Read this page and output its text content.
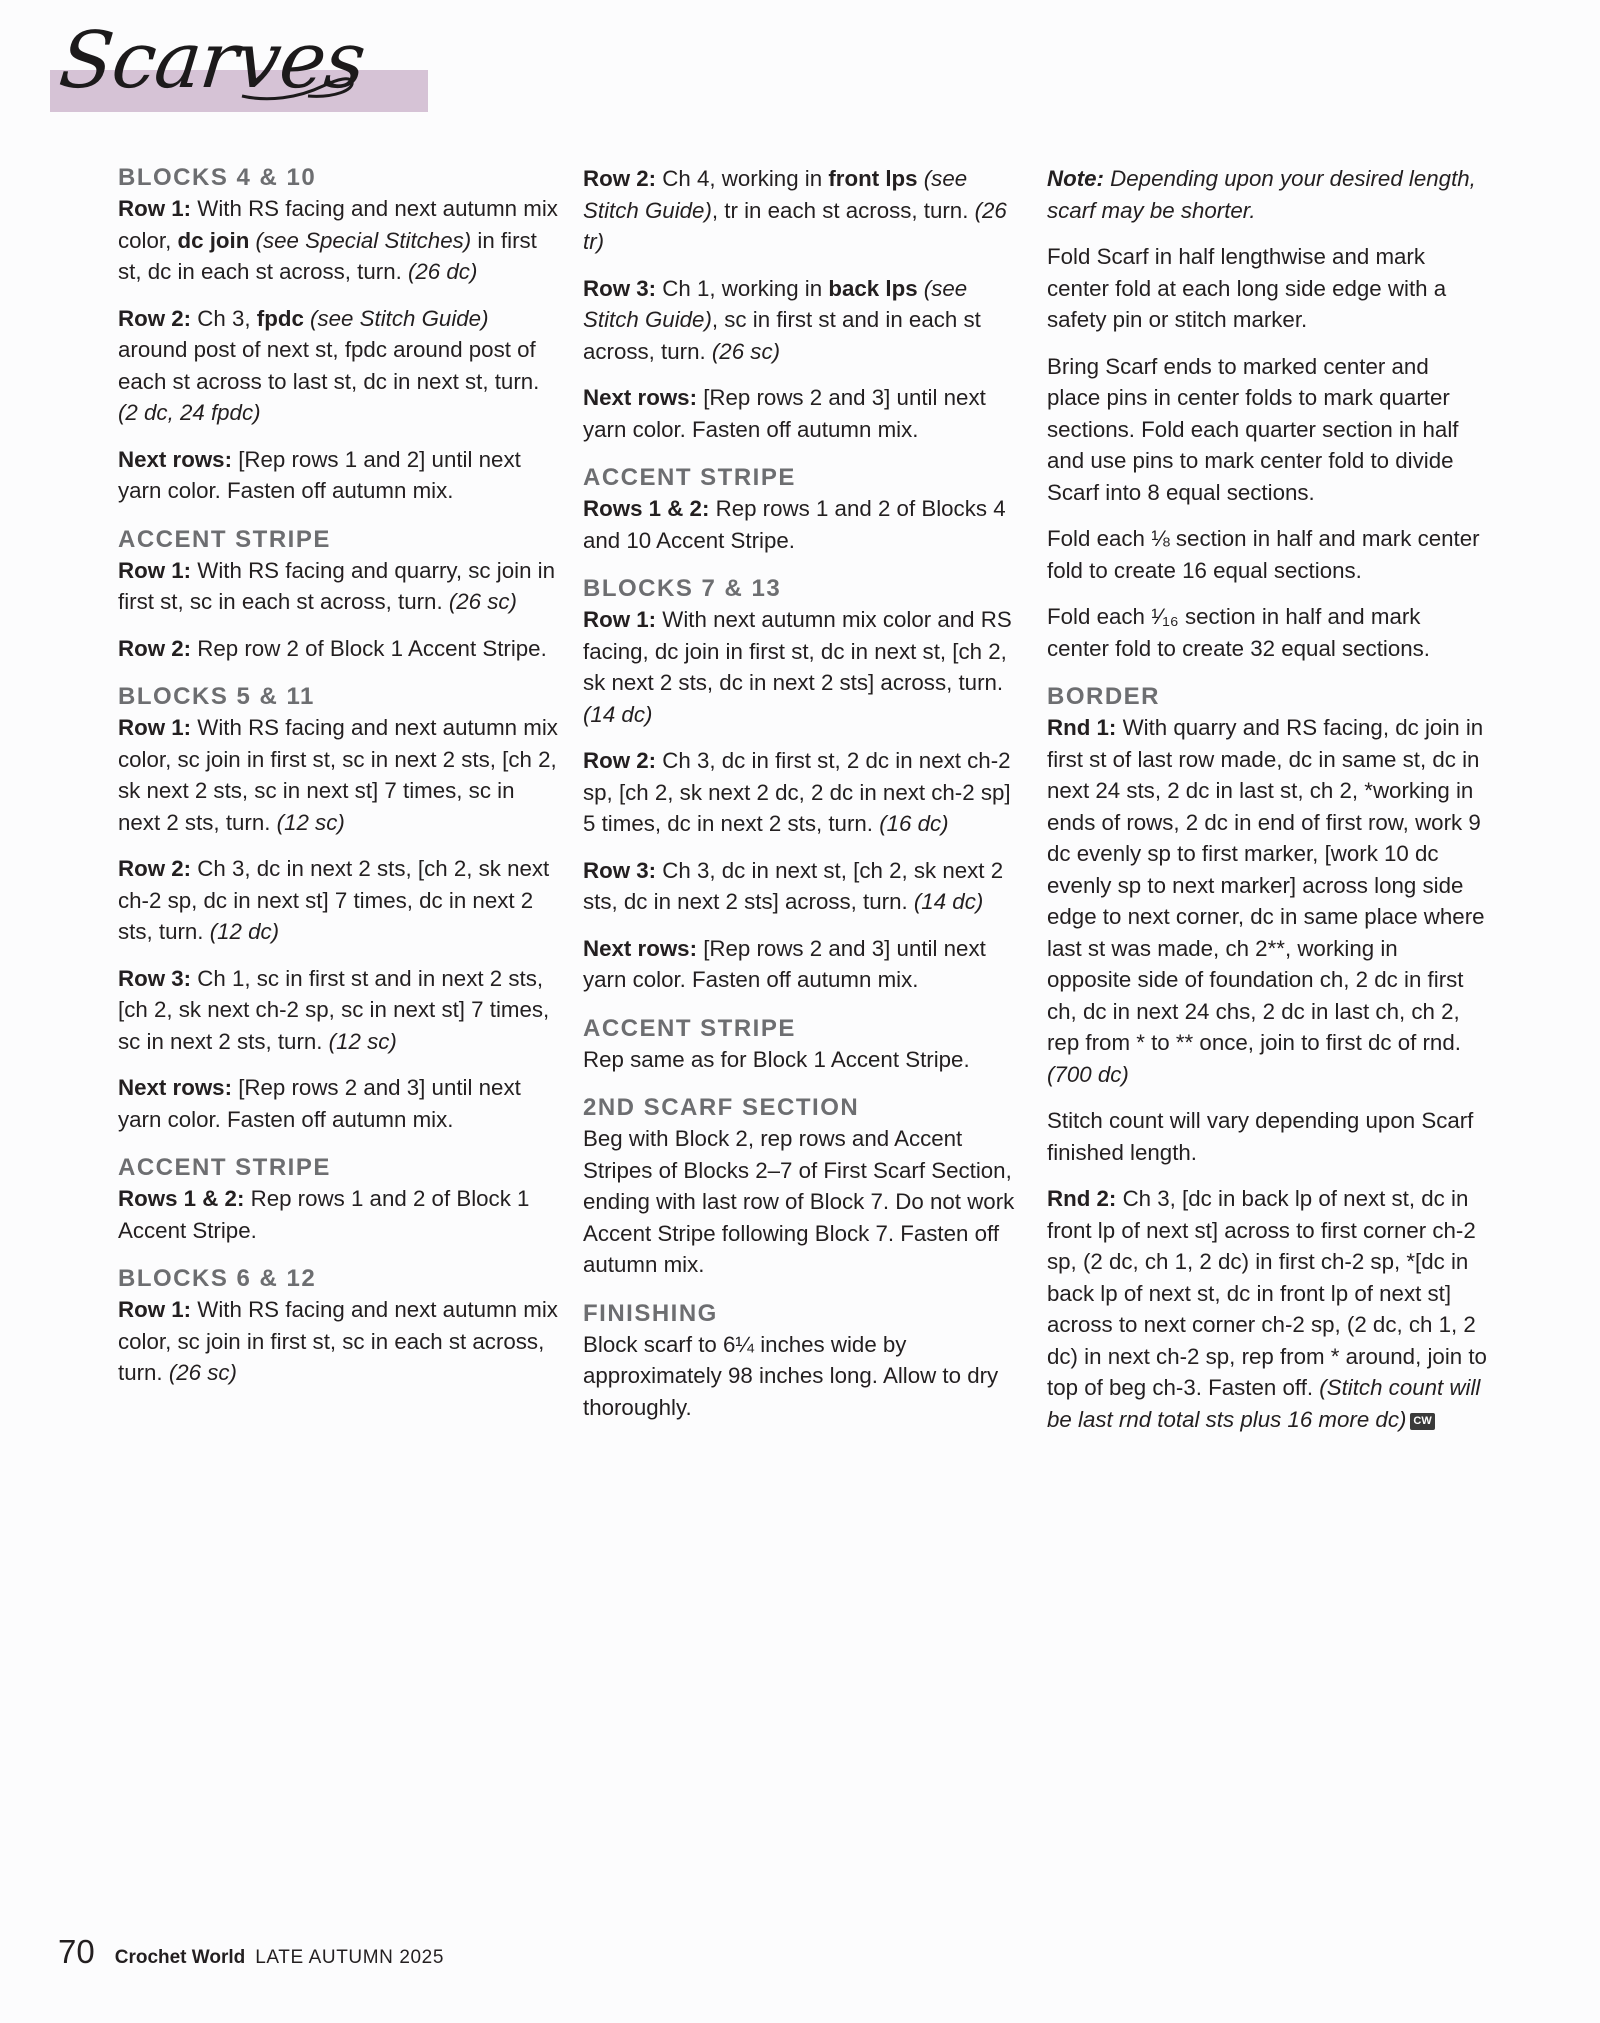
Scarves
BLOCKS 4 & 10

Row 1: With RS facing and next autumn mix color, dc join (see Special Stitches) in first st, dc in each st across, turn. (26 dc)

Row 2: Ch 3, fpdc (see Stitch Guide) around post of next st, fpdc around post of each st across to last st, dc in next st, turn. (2 dc, 24 fpdc)

Next rows: [Rep rows 1 and 2] until next yarn color. Fasten off autumn mix.

ACCENT STRIPE

Row 1: With RS facing and quarry, sc join in first st, sc in each st across, turn. (26 sc)

Row 2: Rep row 2 of Block 1 Accent Stripe.

BLOCKS 5 & 11

Row 1: With RS facing and next autumn mix color, sc join in first st, sc in next 2 sts, [ch 2, sk next 2 sts, sc in next st] 7 times, sc in next 2 sts, turn. (12 sc)

Row 2: Ch 3, dc in next 2 sts, [ch 2, sk next ch-2 sp, dc in next st] 7 times, dc in next 2 sts, turn. (12 dc)

Row 3: Ch 1, sc in first st and in next 2 sts, [ch 2, sk next ch-2 sp, sc in next st] 7 times, sc in next 2 sts, turn. (12 sc)

Next rows: [Rep rows 2 and 3] until next yarn color. Fasten off autumn mix.

ACCENT STRIPE

Rows 1 & 2: Rep rows 1 and 2 of Block 1 Accent Stripe.

BLOCKS 6 & 12

Row 1: With RS facing and next autumn mix color, sc join in first st, sc in each st across, turn. (26 sc)

Row 2: Ch 4, working in front lps (see Stitch Guide), tr in each st across, turn. (26 tr)

Row 3: Ch 1, working in back lps (see Stitch Guide), sc in first st and in each st across, turn. (26 sc)

Next rows: [Rep rows 2 and 3] until next yarn color. Fasten off autumn mix.

ACCENT STRIPE

Rows 1 & 2: Rep rows 1 and 2 of Blocks 4 and 10 Accent Stripe.

BLOCKS 7 & 13

Row 1: With next autumn mix color and RS facing, dc join in first st, dc in next st, [ch 2, sk next 2 sts, dc in next 2 sts] across, turn. (14 dc)

Row 2: Ch 3, dc in first st, 2 dc in next ch-2 sp, [ch 2, sk next 2 dc, 2 dc in next ch-2 sp] 5 times, dc in next 2 sts, turn. (16 dc)

Row 3: Ch 3, dc in next st, [ch 2, sk next 2 sts, dc in next 2 sts] across, turn. (14 dc)

Next rows: [Rep rows 2 and 3] until next yarn color. Fasten off autumn mix.

ACCENT STRIPE

Rep same as for Block 1 Accent Stripe.

2ND SCARF SECTION

Beg with Block 2, rep rows and Accent Stripes of Blocks 2–7 of First Scarf Section, ending with last row of Block 7. Do not work Accent Stripe following Block 7. Fasten off autumn mix.

FINISHING

Block scarf to 6¼ inches wide by approximately 98 inches long. Allow to dry thoroughly.

Note: Depending upon your desired length, scarf may be shorter.

Fold Scarf in half lengthwise and mark center fold at each long side edge with a safety pin or stitch marker.

Bring Scarf ends to marked center and place pins in center folds to mark quarter sections. Fold each quarter section in half and use pins to mark center fold to divide Scarf into 8 equal sections.

Fold each ⅛ section in half and mark center fold to create 16 equal sections.

Fold each ¹⁄₁₆ section in half and mark center fold to create 32 equal sections.

BORDER

Rnd 1: With quarry and RS facing, dc join in first st of last row made, dc in same st, dc in next 24 sts, 2 dc in last st, ch 2, *working in ends of rows, 2 dc in end of first row, work 9 dc evenly sp to first marker, [work 10 dc evenly sp to next marker] across long side edge to next corner, dc in same place where last st was made, ch 2**, working in opposite side of foundation ch, 2 dc in first ch, dc in next 24 chs, 2 dc in last ch, ch 2, rep from * to ** once, join to first dc of rnd. (700 dc)

Stitch count will vary depending upon Scarf finished length.

Rnd 2: Ch 3, [dc in back lp of next st, dc in front lp of next st] across to first corner ch-2 sp, (2 dc, ch 1, 2 dc) in first ch-2 sp, *[dc in back lp of next st, dc in front lp of next st] across to next corner ch-2 sp, (2 dc, ch 1, 2 dc) in next ch-2 sp, rep from * around, join to top of beg ch-3. Fasten off. (Stitch count will be last rnd total sts plus 16 more dc) CW

70 Crochet World LATE AUTUMN 2025
